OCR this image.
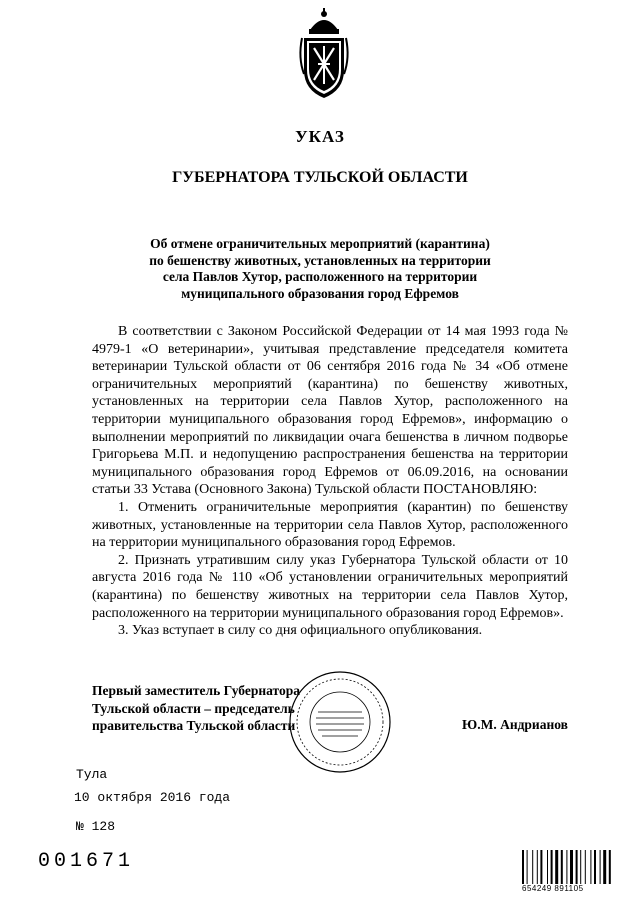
УКАЗ
ГУБЕРНАТОРА ТУЛЬСКОЙ ОБЛАСТИ
Об отмене ограничительных мероприятий (карантина)
по бешенству животных, установленных на территории
села Павлов Хутор, расположенного на территории
муниципального образования город Ефремов

В соответствии с Законом Российской Федерации от 14 мая 1993 года № 4979-1 «О ветеринарии», учитывая представление председателя комитета ветеринарии Тульской области от 06 сентября 2016 года № 34 «Об отмене ограничительных мероприятий (карантина) по бешенству животных, установленных на территории села Павлов Хутор, расположенного на территории муниципального образования город Ефремов», информацию о выполнении мероприятий по ликвидации очага бешенства в личном подворье Григорьева М.П. и недопущению распространения бешенства на территории муниципального образования город Ефремов от 06.09.2016, на основании статьи 33 Устава (Основного Закона) Тульской области ПОСТАНОВЛЯЮ:

1. Отменить ограничительные мероприятия (карантин) по бешенству животных, установленные на территории села Павлов Хутор, расположенного на территории муниципального образования город Ефремов.

2. Признать утратившим силу указ Губернатора Тульской области от 10 августа 2016 года № 110 «Об установлении ограничительных мероприятий (карантина) по бешенству животных на территории села Павлов Хутор, расположенного на территории муниципального образования город Ефремов».

3. Указ вступает в силу со дня официального опубликования.

Первый заместитель Губернатора
Тульской области – председатель
правительства Тульской области	Ю.М. Андрианов
Тула
10 октября 2016 года
№ 128
001671
654249 891105
